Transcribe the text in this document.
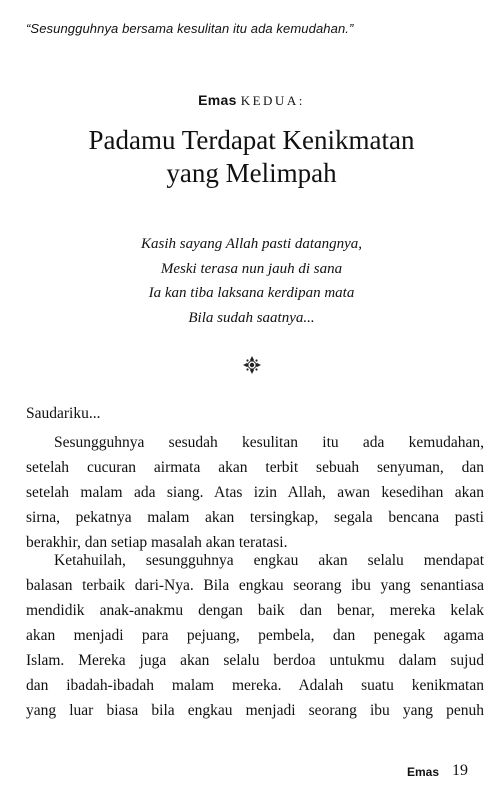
“Sesungguhnya bersama kesulitan itu ada kemudahan.”
Emas KEDUA:
Padamu Terdapat Kenikmatan
yang Melimpah
Kasih sayang Allah pasti datangnya,
Meski terasa nun jauh di sana
Ia kan tiba laksana kerdipan mata
Bila sudah saatnya...
Saudariku...
Sesungguhnya sesudah kesulitan itu ada kemudahan,
setelah cucuran airmata akan terbit sebuah senyuman, dan
setelah malam ada siang. Atas izin Allah, awan kesedihan akan
sirna, pekatnya malam akan tersingkap, segala bencana pasti
berakhir, dan setiap masalah akan teratasi.
Ketahuilah, sesungguhnya engkau akan selalu mendapat
balasan terbaik dari-Nya. Bila engkau seorang ibu yang senantiasa
mendidik anak-anakmu dengan baik dan benar, mereka kelak
akan menjadi para pejuang, pembela, dan penegak agama
Islam. Mereka juga akan selalu berdoa untukmu dalam sujud
dan ibadah-ibadah malam mereka. Adalah suatu kenikmatan
yang luar biasa bila engkau menjadi seorang ibu yang penuh
Emas 19
